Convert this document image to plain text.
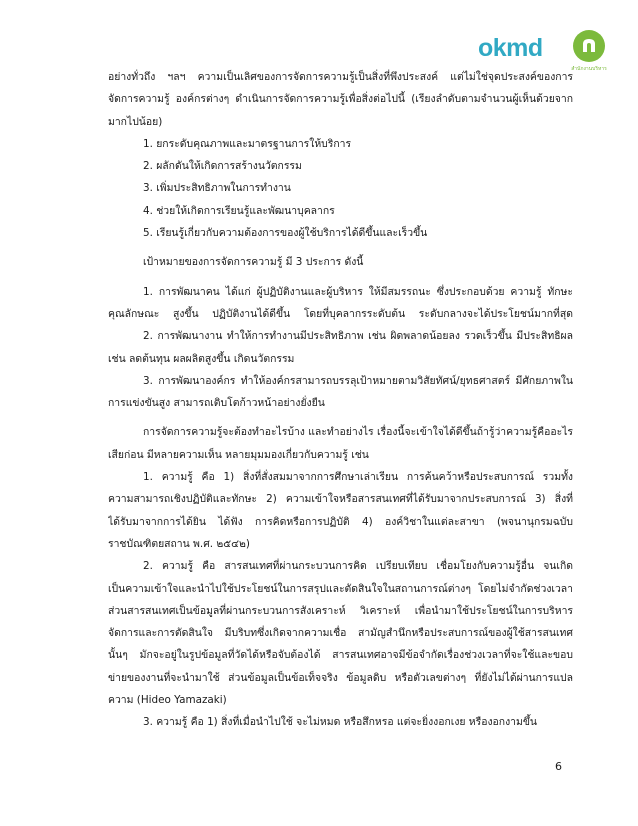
okmd
สำนักงานบริหาร
อย่างทั่วถึง ฯลฯ ความเป็นเลิศของการจัดการความรู้เป็นสิ่งที่พึงประสงค์ แต่ไม่ใช่จุดประสงค์ของการ
จัดการความรู้ องค์กรต่างๆ ดำเนินการจัดการความรู้เพื่อสิ่งต่อไปนี้ (เรียงลำดับตามจำนวนผู้เห็นด้วยจาก
มากไปน้อย)
1. ยกระดับคุณภาพและมาตรฐานการให้บริการ
2. ผลักดันให้เกิดการสร้างนวัตกรรม
3. เพิ่มประสิทธิภาพในการทำงาน
4. ช่วยให้เกิดการเรียนรู้และพัฒนาบุคลากร
5. เรียนรู้เกี่ยวกับความต้องการของผู้ใช้บริการได้ดีขึ้นและเร็วขึ้น
เป้าหมายของการจัดการความรู้ มี 3 ประการ ดังนี้
1. การพัฒนาคน ได้แก่ ผู้ปฏิบัติงานและผู้บริหาร ให้มีสมรรถนะ ซึ่งประกอบด้วย ความรู้ ทักษะ
คุณลักษณะ สูงขึ้น ปฏิบัติงานได้ดีขึ้น โดยที่บุคลากรระดับต้น ระดับกลางจะได้ประโยชน์มากที่สุด
2. การพัฒนางาน ทำให้การทำงานมีประสิทธิภาพ เช่น ผิดพลาดน้อยลง รวดเร็วขึ้น มีประสิทธิผล
เช่น ลดต้นทุน ผลผลิตสูงขึ้น เกิดนวัตกรรม
3. การพัฒนาองค์กร ทำให้องค์กรสามารถบรรลุเป้าหมายตามวิสัยทัศน์/ยุทธศาสตร์ มีศักยภาพใน
การแข่งขันสูง สามารถเติบโตก้าวหน้าอย่างยั่งยืน
การจัดการความรู้จะต้องทำอะไรบ้าง และทำอย่างไร เรื่องนี้จะเข้าใจได้ดีขึ้นถ้ารู้ว่าความรู้คืออะไร
เสียก่อน มีหลายความเห็น หลายมุมมองเกี่ยวกับความรู้ เช่น
1. ความรู้ คือ 1) สิ่งที่สั่งสมมาจากการศึกษาเล่าเรียน การค้นคว้าหรือประสบการณ์ รวมทั้ง
ความสามารถเชิงปฏิบัติและทักษะ 2) ความเข้าใจหรือสารสนเทศที่ได้รับมาจากประสบการณ์ 3) สิ่งที่
ได้รับมาจากการได้ยิน ได้ฟัง การคิดหรือการปฏิบัติ 4) องค์วิชาในแต่ละสาขา (พจนานุกรมฉบับ
ราชบัณฑิตยสถาน พ.ศ. ๒๕๔๒)
2. ความรู้ คือ สารสนเทศที่ผ่านกระบวนการคิด เปรียบเทียบ เชื่อมโยงกับความรู้อื่น จนเกิด
เป็นความเข้าใจและนำไปใช้ประโยชน์ในการสรุปและตัดสินใจในสถานการณ์ต่างๆ โดยไม่จำกัดช่วงเวลา
ส่วนสารสนเทศเป็นข้อมูลที่ผ่านกระบวนการสังเคราะห์ วิเคราะห์ เพื่อนำมาใช้ประโยชน์ในการบริหาร
จัดการและการตัดสินใจ มีบริบทซึ่งเกิดจากความเชื่อ สามัญสำนึกหรือประสบการณ์ของผู้ใช้สารสนเทศ
นั้นๆ มักจะอยู่ในรูปข้อมูลที่วัดได้หรือจับต้องได้ สารสนเทศอาจมีข้อจำกัดเรื่องช่วงเวลาที่จะใช้และขอบ
ข่ายของงานที่จะนำมาใช้ ส่วนข้อมูลเป็นข้อเท็จจริง ข้อมูลดิบ หรือตัวเลขต่างๆ ที่ยังไม่ได้ผ่านการแปล
ความ (Hideo Yamazaki)
3. ความรู้ คือ 1) สิ่งที่เมื่อนำไปใช้ จะไม่หมด หรือสึกหรอ แต่จะยิ่งงอกเงย หรืองอกงามขึ้น
6
